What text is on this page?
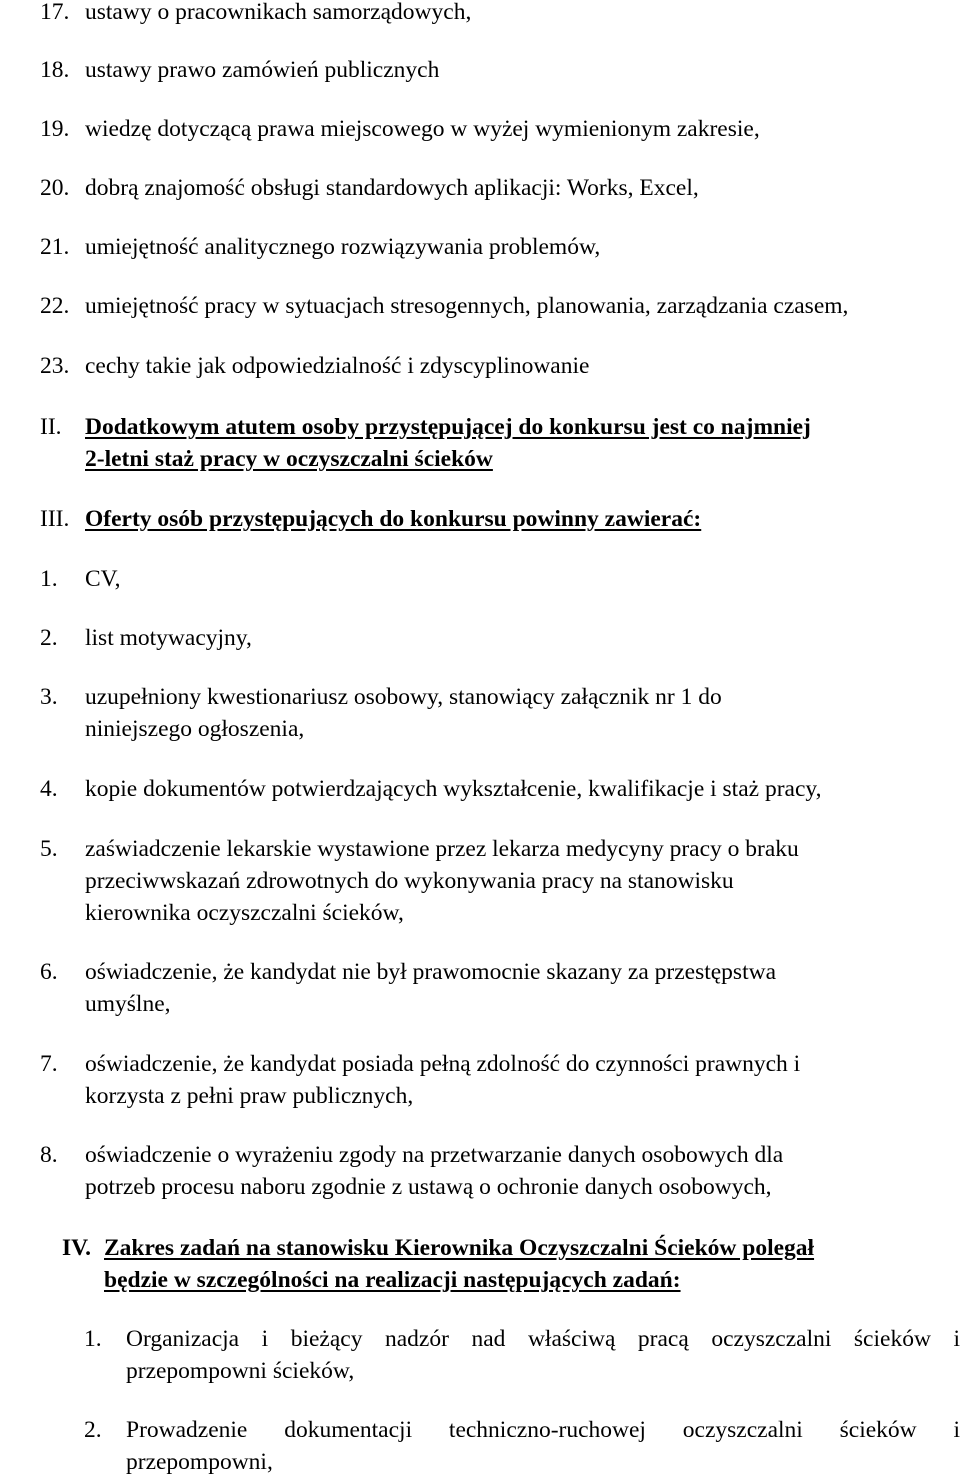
17. ustawy o pracownikach samorządowych,
18. ustawy prawo zamówień publicznych
19. wiedzę dotyczącą prawa miejscowego w wyżej wymienionym zakresie,
20. dobrą znajomość obsługi standardowych aplikacji: Works, Excel,
21. umiejętność analitycznego rozwiązywania problemów,
22. umiejętność pracy w sytuacjach stresogennych, planowania, zarządzania czasem,
23. cechy takie jak odpowiedzialność i zdyscyplinowanie
II. Dodatkowym atutem osoby przystępującej do konkursu jest co najmniej
2-letni staż pracy w oczyszczalni ścieków
III. Oferty osób przystępujących do konkursu powinny zawierać:
1. CV,
2. list motywacyjny,
3. uzupełniony kwestionariusz osobowy, stanowiący załącznik nr 1 do
niniejszego ogłoszenia,
4. kopie dokumentów potwierdzających wykształcenie, kwalifikacje i staż pracy,
5. zaświadczenie lekarskie wystawione przez lekarza medycyny pracy o braku
przeciwwskazań zdrowotnych do wykonywania pracy na stanowisku
kierownika oczyszczalni ścieków,
6. oświadczenie, że kandydat nie był prawomocnie skazany za przestępstwa
umyślne,
7. oświadczenie, że kandydat posiada pełną zdolność do czynności prawnych i
korzysta z pełni praw publicznych,
8. oświadczenie o wyrażeniu zgody na przetwarzanie danych osobowych dla
potrzeb procesu naboru zgodnie z ustawą o ochronie danych osobowych,
IV. Zakres zadań na stanowisku Kierownika Oczyszczalni Ścieków polegał
będzie w szczególności na realizacji następujących zadań:
1. Organizacja i bieżący nadzór nad właściwą pracą oczyszczalni ścieków i
przepompowni ścieków,
2. Prowadzenie dokumentacji techniczno-ruchowej oczyszczalni ścieków i
przepompowni,
